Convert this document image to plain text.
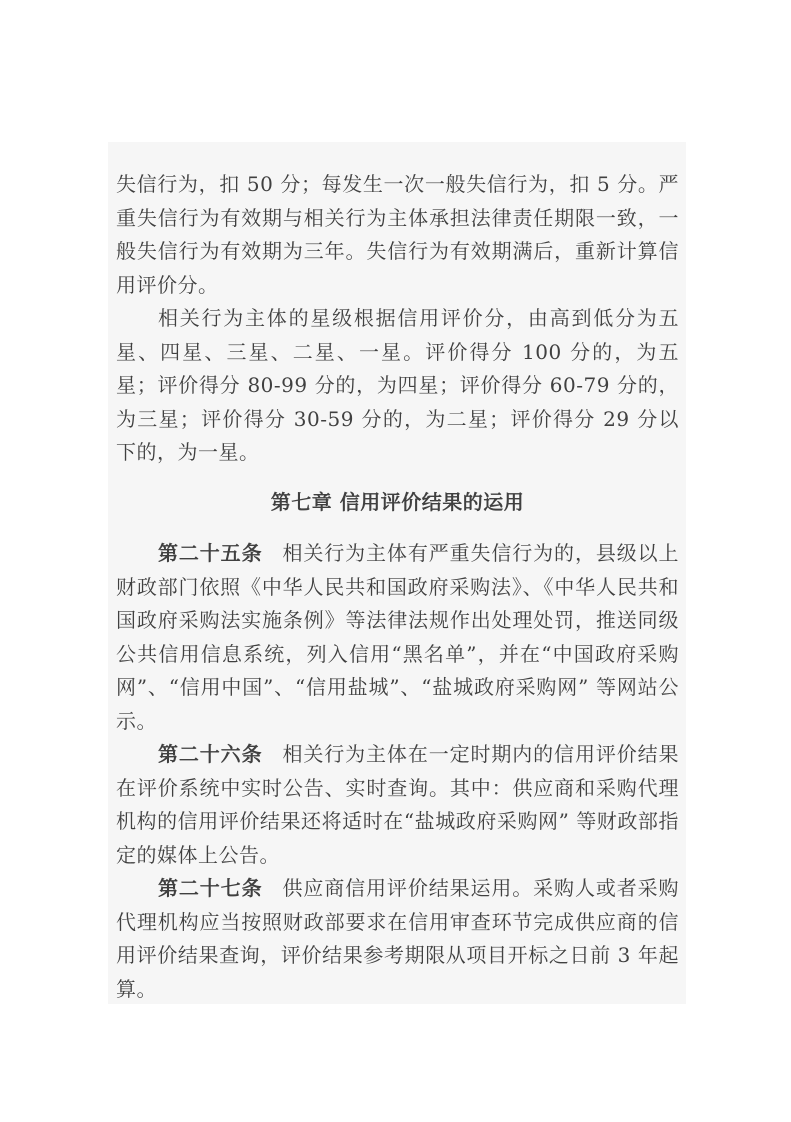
失信行为，扣 50 分；每发生一次一般失信行为，扣 5 分。严重失信行为有效期与相关行为主体承担法律责任期限一致，一般失信行为有效期为三年。失信行为有效期满后，重新计算信用评价分。

相关行为主体的星级根据信用评价分，由高到低分为五星、四星、三星、二星、一星。评价得分 100 分的，为五星；评价得分 80-99 分的，为四星；评价得分 60-79 分的，为三星；评价得分 30-59 分的，为二星；评价得分 29 分以下的，为一星。

第七章 信用评价结果的运用

第二十五条 相关行为主体有严重失信行为的，县级以上财政部门依照《中华人民共和国政府采购法》、《中华人民共和国政府采购法实施条例》等法律法规作出处理处罚，推送同级公共信用信息系统，列入信用“黑名单”，并在“中国政府采购网”、“信用中国”、“信用盐城”、“盐城政府采购网” 等网站公示。

第二十六条 相关行为主体在一定时期内的信用评价结果在评价系统中实时公告、实时查询。其中：供应商和采购代理机构的信用评价结果还将适时在“盐城政府采购网” 等财政部指定的媒体上公告。

第二十七条 供应商信用评价结果运用。采购人或者采购代理机构应当按照财政部要求在信用审查环节完成供应商的信用评价结果查询，评价结果参考期限从项目开标之日前 3 年起算。
